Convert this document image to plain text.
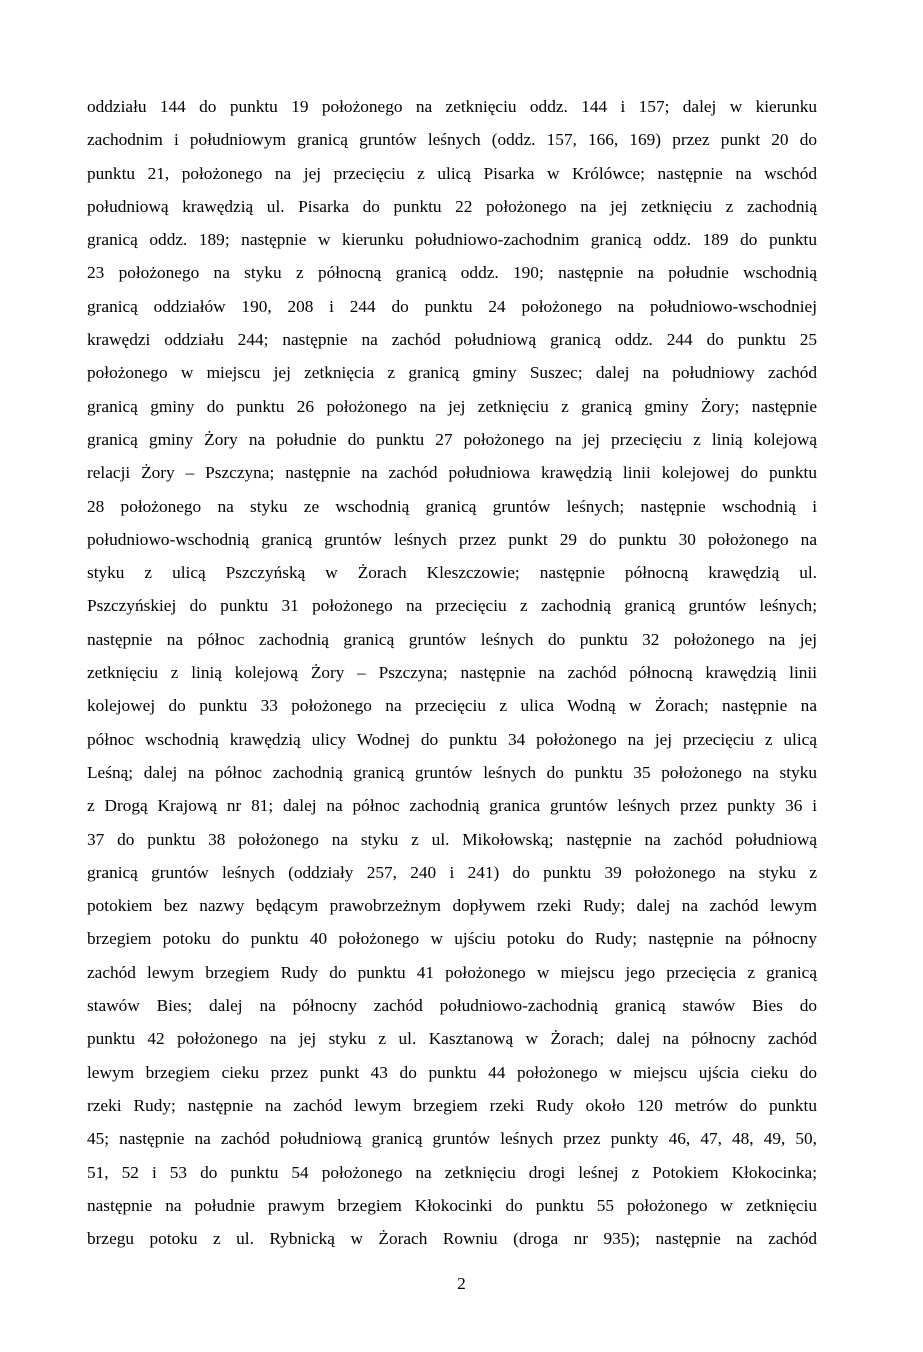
oddziału 144 do punktu 19 położonego na zetknięciu oddz. 144 i 157; dalej w kierunku
zachodnim i południowym granicą gruntów leśnych (oddz. 157, 166, 169) przez punkt 20 do
punktu 21, położonego na jej przecięciu z ulicą Pisarka w Królówce; następnie na wschód
południową krawędzią ul. Pisarka do punktu 22 położonego na jej zetknięciu z zachodnią
granicą oddz. 189; następnie w kierunku południowo-zachodnim granicą oddz. 189 do punktu
23 położonego na styku z północną granicą oddz. 190; następnie na południe wschodnią
granicą oddziałów 190, 208 i 244 do punktu 24 położonego na południowo-wschodniej
krawędzi oddziału 244; następnie na zachód południową granicą oddz. 244 do punktu 25
położonego w miejscu jej zetknięcia z granicą gminy Suszec; dalej na południowy zachód
granicą gminy do punktu 26 położonego na jej zetknięciu z granicą gminy Żory; następnie
granicą gminy Żory na południe do punktu 27 położonego na jej przecięciu z linią kolejową
relacji Żory – Pszczyna; następnie na zachód południowa krawędzią linii kolejowej do punktu
28 położonego na styku ze wschodnią granicą gruntów leśnych; następnie wschodnią i
południowo-wschodnią granicą gruntów leśnych przez punkt 29 do punktu 30 położonego na
styku z ulicą Pszczyńską w Żorach Kleszczowie; następnie północną krawędzią ul.
Pszczyńskiej do punktu 31 położonego na przecięciu z zachodnią granicą gruntów leśnych;
następnie na północ zachodnią granicą gruntów leśnych do punktu 32 położonego na jej
zetknięciu z linią kolejową Żory – Pszczyna; następnie na zachód północną krawędzią linii
kolejowej do punktu 33 położonego na przecięciu z ulica Wodną w Żorach; następnie na
północ wschodnią krawędzią ulicy Wodnej do punktu 34 położonego na jej przecięciu z ulicą
Leśną; dalej na północ zachodnią granicą gruntów leśnych do punktu 35 położonego na styku
z Drogą Krajową nr 81; dalej na północ zachodnią granica gruntów leśnych przez punkty 36 i
37 do punktu 38 położonego na styku z ul. Mikołowską; następnie na zachód południową
granicą gruntów leśnych (oddziały 257, 240 i 241) do punktu 39 położonego na styku z
potokiem bez nazwy będącym prawobrzeżnym dopływem rzeki Rudy; dalej na zachód lewym
brzegiem potoku do punktu 40 położonego w ujściu potoku do Rudy; następnie na północny
zachód lewym brzegiem Rudy do punktu 41 położonego w miejscu jego przecięcia z granicą
stawów Bies; dalej na północny zachód południowo-zachodnią granicą stawów Bies do
punktu 42 położonego na jej styku z ul. Kasztanową w Żorach; dalej na północny zachód
lewym brzegiem cieku przez punkt 43 do punktu 44 położonego w miejscu ujścia cieku do
rzeki Rudy; następnie na zachód lewym brzegiem rzeki Rudy około 120 metrów do punktu
45; następnie na zachód południową granicą gruntów leśnych przez punkty 46, 47, 48, 49, 50,
51, 52 i 53 do punktu 54 położonego na zetknięciu drogi leśnej z Potokiem Kłokocinka;
następnie na południe prawym brzegiem Kłokocinki do punktu 55 położonego w zetknięciu
brzegu potoku z ul. Rybnicką w Żorach Rowniu (droga nr 935); następnie na zachód
2
